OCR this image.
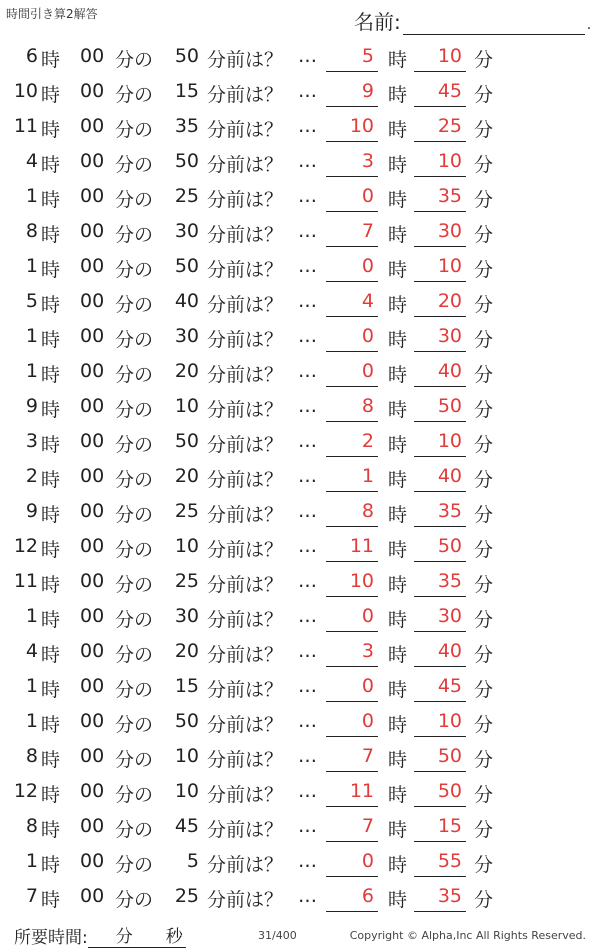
時間引き算2解答	名前:	.
6 時 00 分の	50 分前は？ …	5 時	10 分
10 時 00 分の	15 分前は？ …	9 時	45 分
11 時 00 分の	35 分前は？ …	10 時	25 分
4 時 00 分の	50 分前は？ …	3 時	10 分
1 時 00 分の	25 分前は？ …	0 時	35 分
8 時 00 分の	30 分前は？ …	7 時	30 分
1 時 00 分の	50 分前は？ …	0 時	10 分
5 時 00 分の	40 分前は？ …	4 時	20 分
1 時 00 分の	30 分前は？ …	0 時	30 分
1 時 00 分の	20 分前は？ …	0 時	40 分
9 時 00 分の	10 分前は？ …	8 時	50 分
3 時 00 分の	50 分前は？ …	2 時	10 分
2 時 00 分の	20 分前は？ …	1 時	40 分
9 時 00 分の	25 分前は？ …	8 時	35 分
12 時 00 分の	10 分前は？ …	11 時	50 分
11 時 00 分の	25 分前は？ …	10 時	35 分
1 時 00 分の	30 分前は？ …	0 時	30 分
4 時 00 分の	20 分前は？ …	3 時	40 分
1 時 00 分の	15 分前は？ …	0 時	45 分
1 時 00 分の	50 分前は？ …	0 時	10 分
8 時 00 分の	10 分前は？ …	7 時	50 分
12 時 00 分の	10 分前は？ …	11 時	50 分
8 時 00 分の	45 分前は？ …	7 時	15 分
1 時 00 分の	5 分前は？ …	0 時	55 分
7 時 00 分の	25 分前は？ …	6 時	35 分
所要時間: 分 秒	31/400	Copyright © Alpha,Inc All Rights Reserved.
